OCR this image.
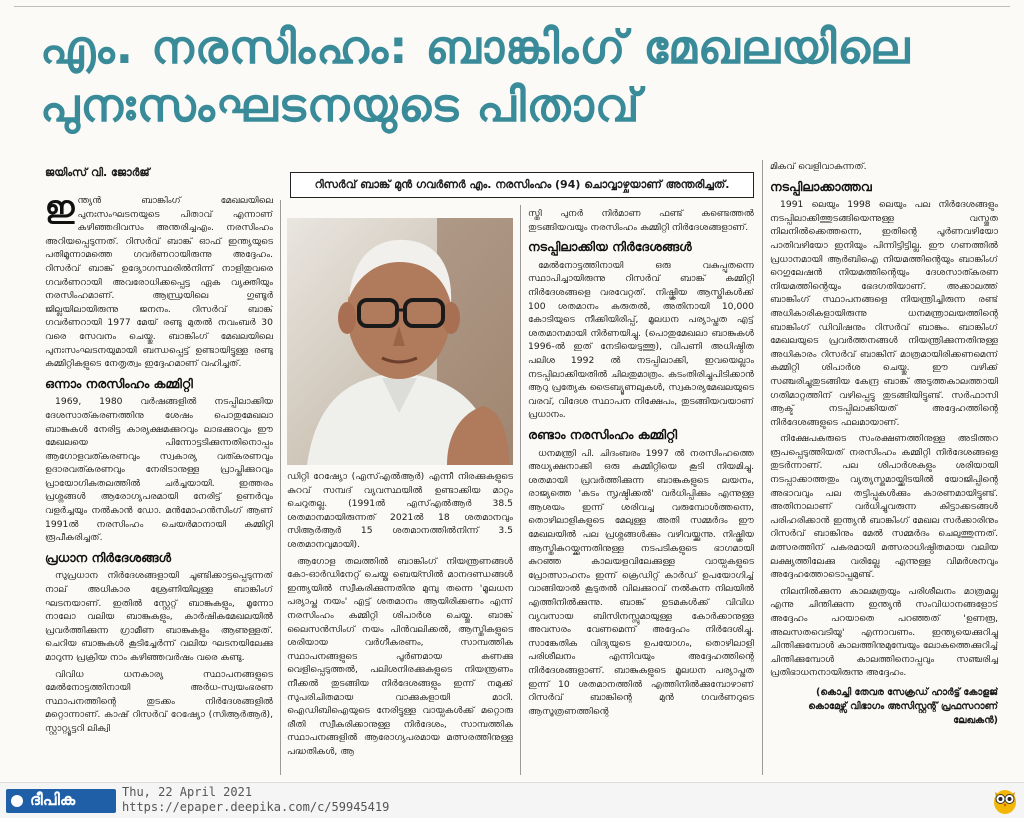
എം. നരസിംഹം: ബാങ്കിംഗ് മേഖലയിലെ
പുനഃസംഘടനയുടെ പിതാവ്
ജയിംസ് വി. ജോർജ്
റിസർവ് ബാങ്ക് മുൻ ഗവർണർ എം. നരസിംഹം (94) ചൊവ്വാഴ്ചയാണ് അന്തരിച്ചത്.

ഇന്ത്യൻ ബാങ്കിംഗ് മേഖലയിലെ പുനഃസംഘടനയുടെ പിതാവ് എന്നാണ് കഴിഞ്ഞദിവസം അന്തരിച്ചഎം. നരസിംഹം അറിയപ്പെടുന്നത്. റിസർവ് ബാങ്ക് ഓഫ് ഇന്ത്യയുടെ പതിമൂന്നാമത്തെ ഗവർണറായിരുന്നു അദ്ദേഹം. റിസർവ് ബാങ്ക് ഉദ്യോഗസ്ഥരിൽനിന്ന് നാളിതുവരെ ഗവർണറായി അവരോധിക്കപ്പെട്ട ഏക വ്യക്തിയും നരസിംഹമാണ്. ആന്ധ്രയിലെ ഗുണ്ടൂർ ജില്ലയിലായിരുന്നു ജനനം. റിസർവ് ബാങ്ക് ഗവർണറായി 1977 മേയ് രണ്ടു മുതൽ നവംബർ 30 വരെ സേവനം ചെയ്തു. ബാങ്കിംഗ് മേഖലയിലെ പുനഃസംഘടനയുമായി ബന്ധപ്പെട്ട് ഉണ്ടായിട്ടുള്ള രണ്ടു കമ്മിറ്റികളുടെ നേതൃത്വം ഇദ്ദേഹമാണ് വഹിച്ചത്.

ഒന്നാം നരസിംഹം കമ്മിറ്റി

1969, 1980 വർഷങ്ങളിൽ നടപ്പിലാക്കിയ ദേശസാത്കരണത്തിനു ശേഷം പൊതുമേഖലാ ബാങ്കുകൾ നേരിട്ട കാര്യക്ഷമക്കുറവും ലാഭക്കുറവും ഈ മേഖലയെ പിന്നോട്ടടിക്കുന്നതിനൊപ്പം ആഗോളവത്കരണവും സ്വകാര്യ വത്കരണവും ഉദാരവത്കരണവും നേരിടാനുള്ള പ്രാപ്തിക്കുറവും പ്രായോഗികതലത്തിൽ ചർച്ചയായി. ഇത്തരം പ്രശ്നങ്ങൾ ആരോഗ്യപരമായി നേരിട്ട് ഉണർവും വളർച്ചയും നൽകാൻ ഡോ. മൻമോഹൻസിംഗ് ആണ് 1991ൽ നരസിംഹം ചെയർമാനായി കമ്മിറ്റി രൂപീകരിച്ചത്.

പ്രധാന നിർദേശങ്ങൾ

സുപ്രധാന നിർദേശങ്ങളായി ചൂണ്ടിക്കാട്ടപ്പെടുന്നത് നാല് അധികാര ശ്രേണിയിലുള്ള ബാങ്കിംഗ് ഘടനയാണ്. ഇതിൽ സ്റ്റേറ്റ് ബാങ്കുകളും, മൂന്നോ നാലോ വലിയ ബാങ്കുകളും, കാർഷികമേഖലയിൽ പ്രവർത്തിക്കുന്ന ഗ്രാമീണ ബാങ്കുകളും ആണുള്ളത്. ചെറിയ ബാങ്കുകൾ കൂടിച്ചേർന്ന് വലിയ ഘടനയിലേക്കു മാറുന്ന പ്രക്രിയ നാം കഴിഞ്ഞവർഷം വരെ കണ്ടു.

വിവിധ ധനകാര്യ സ്ഥാപനങ്ങളുടെ മേൽനോട്ടത്തിനായി അർധ-സ്വയംഭരണ സ്ഥാപനത്തിന്റെ തുടക്കം നിർദേശങ്ങളിൽ മറ്റൊന്നാണ്. കാഷ് റിസർവ് റേഷ്യോ (സിആർആർ), സ്റ്റാറ്റ്യൂട്ടറി ലിക്വി

ഡിറ്റി റേഷ്യോ (എസ്എൽആർ) എന്നീ നിരക്കുകളുടെ കുറവ് സമ്പദ് വ്യവസ്ഥയിൽ ഉണ്ടാക്കിയ മാറ്റം ചെറുതല്ല. (1991ൽ എസ്എൽആർ 38.5 ശതമാനമായിരുന്നത് 2021ൽ 18 ശതമാനവും സിആർആർ 15 ശതമാനത്തിൽനിന്ന് 3.5 ശതമാനവുമായി).

ആഗോള തലത്തിൽ ബാങ്കിംഗ് നിയന്ത്രണങ്ങൾ കോ-ഓർഡിനേറ്റ് ചെയ്ത ബെയ്സിൽ മാനദണ്ഡങ്ങൾ ഇന്ത്യയിൽ സ്വീകരിക്കുന്നതിനു മുമ്പു തന്നെ 'മൂലധന പര്യാപ്ത നയം' എട്ട് ശതമാനം ആയിരിക്കണം എന്ന് നരസിംഹം കമ്മിറ്റി ശിപാർശ ചെയ്തു. ബാങ്ക് ലൈസൻസിംഗ് നയം പിൻവലിക്കൽ, ആസ്തികളുടെ ശരിയായ വർഗീകരണം, സാമ്പത്തിക സ്ഥാപനങ്ങളുടെ പൂർണമായ കണക്കു വെളിപ്പെടുത്തൽ, പലിശനിരക്കുകളുടെ നിയന്ത്രണം നീക്കൽ തുടങ്ങിയ നിർദേശങ്ങളും ഇന്ന് നമുക്ക് സുപരിചിതമായ വാക്കുകളായി മാറി. ഐഡിബിഐയുടെ നേരിട്ടുള്ള വായ്പകൾക്ക് മറ്റൊരു രീതി സ്വീകരിക്കാനുള്ള നിർദേശം, സാമ്പത്തിക സ്ഥാപനങ്ങളിൽ ആരോഗ്യപരമായ മത്സരത്തിനുള്ള പദ്ധതികൾ, ആ

സ്തി പുനർ നിർമാണ ഫണ്ട് കണ്ടെത്തൽ തുടങ്ങിയവയും നരസിംഹം കമ്മിറ്റി നിർദേശങ്ങളാണ്.

നടപ്പിലാക്കിയ നിർദേശങ്ങൾ

മേൽനോട്ടത്തിനായി ഒരു വകുപ്പുതന്നെ സ്ഥാപിച്ചായിരുന്നു റിസർവ് ബാങ്ക് കമ്മിറ്റി നിർദേശങ്ങളെ വരവേറ്റത്. നിഷ്ക്രിയ ആസ്തികൾക്ക് 100 ശതമാനം കരുതൽ, അതിനായി 10,000 കോടിയുടെ നീക്കിയിരിപ്പ്, മൂലധന പര്യാപ്തത എട്ട് ശതമാനമായി നിർണയിച്ചു. (പൊതുമേഖലാ ബാങ്കുകൾ 1996-ൽ ഇത് നേടിയെടുത്തു), വിപണി അധിഷ്ഠിത പലിശ 1992 ൽ നടപ്പിലാക്കി, ഇവയെല്ലാം നടപ്പിലാക്കിയതിൽ ചിലതുമാത്രം. കടംതിരിച്ചുപിടിക്കാൻ ആറു പ്രത്യേക ട്രൈബ്യൂണലുകൾ, സ്വകാര്യമേഖലയുടെ വരവ്, വിദേശ സ്ഥാപന നിക്ഷേപം, തുടങ്ങിയവയാണ് പ്രധാനം.

രണ്ടാം നരസിംഹം കമ്മിറ്റി

ധനമന്ത്രി പി. ചിദംബരം 1997 ൽ നരസിംഹത്തെ അധ്യക്ഷനാക്കി ഒരു കമ്മിറ്റിയെ കൂടി നിയമിച്ചു. ശതമായി പ്രവർത്തിക്കുന്ന ബാങ്കുകളുടെ ലയനം, രാജ്യത്തെ 'കടം സൃഷ്ടിക്കൽ' വർധിപ്പിക്കും എന്നുള്ള ആശയം ഇന്ന് ശരിവച്ച വരുമ്പോൾത്തന്നെ, തൊഴിലാളികളുടെ മേലുള്ള അതി സമ്മർദം ഈ മേഖലയിൽ പല പ്രശ്നങ്ങൾക്കും വഴിവയ്ക്കുന്നു. നിഷ്ക്രിയ ആസ്തികുറയ്ക്കുന്നതിനുള്ള നടപടികളുടെ ഭാഗമായി കുറഞ്ഞ കാലയളവിലേക്കുള്ള വായ്പകളുടെ പ്രോത്സാഹനം ഇന്ന് ക്രെഡിറ്റ് കാർഡ് ഉപയോഗിച്ച് വാങ്ങിയാൽ കൂടുതൽ വിലക്കുറവ് നൽകുന്ന നിലയിൽ എത്തിനിൽക്കുന്നു. ബാങ്ക് ഉടമകൾക്ക് വിവിധ വ്യവസായ ബിസിനസ്സുമായുള്ള കോർക്കാനുള്ള അവസരം വേണമെന്ന് അദ്ദേഹം നിർദേശിച്ചു. സാങ്കേതിക വിദ്യയുടെ ഉപയോഗം, തൊഴിലാളി പരിശീലനം എന്നിവയും അദ്ദേഹത്തിന്റെ നിർദേശങ്ങളാണ്. ബാങ്കുകളുടെ മൂലധന പര്യാപ്തത ഇന്ന് 10 ശതമാനത്തിൽ എത്തിനിൽക്കുമ്പോഴാണ് റിസർവ് ബാങ്കിന്റെ മുൻ ഗവർണറുടെ ആസൂത്രണത്തിന്റെ

മികവ് വെളിവാകുന്നത്.

നടപ്പിലാക്കാത്തവ

1991 ലെയും 1998 ലെയും പല നിർദേശങ്ങളും നടപ്പിലാക്കിത്തുടങ്ങിയെന്നുള്ള വസ്തുത നിലനിൽക്കെത്തന്നെ, ഇതിന്റെ പൂർണവഴിയോ പാതിവഴിയോ ഇനിയും പിന്നിട്ടിട്ടില്ല. ഈ ഗണത്തിൽ പ്രധാനമായി ആർബിഐ നിയമത്തിന്റെയും ബാങ്കിംഗ് റെഗുലേഷൻ നിയമത്തിന്റെയും ദേശസാത്കരണ നിയമത്തിന്റെയും ഭേദഗതിയാണ്. അക്കാലത്ത് ബാങ്കിംഗ് സ്ഥാപനങ്ങളെ നിയന്ത്രിച്ചിരുന്ന രണ്ട് അധികാരികളായിരുന്നു ധനമന്ത്രാലയത്തിന്റെ ബാങ്കിംഗ് ഡിവിഷനും റിസർവ് ബാങ്കും. ബാങ്കിംഗ് മേഖലയുടെ പ്രവർത്തനങ്ങൾ നിയന്ത്രിക്കുന്നതിനുള്ള അധികാരം റിസർവ് ബാങ്കിന് മാത്രമായിരിക്കണമെന്ന് കമ്മിറ്റി ശിപാർശ ചെയ്തു. ഈ വഴിക്ക് സഞ്ചരിച്ചുതുടങ്ങിയ കേന്ദ്ര ബാങ്ക് അടുത്തകാലത്തായി ഗതിമാറ്റത്തിന് വഴിപ്പെട്ടു തുടങ്ങിയിട്ടുണ്ട്. സർഫാസി ആക്ട് നടപ്പിലാക്കിയത് അദ്ദേഹത്തിന്റെ നിർദേശങ്ങളുടെ ഫലമായാണ്.

നിക്ഷേപകരുടെ സംരക്ഷണത്തിനുള്ള അടിത്തറ രൂപപ്പെടുത്തിയത് നരസിംഹം കമ്മിറ്റി നിർദേശങ്ങളെ തുടർന്നാണ്. പല ശിപാർശകളും ശരിയായി നടപ്പാക്കാത്തതും വ്യത്യസ്തമായ്ക്കിടയിൽ യോജിപ്പിന്റെ അഭാവവും പല തട്ടിപ്പുകൾക്കും കാരണമായിട്ടുണ്ട്. അതിനാലാണ് വർധിച്ചുവരുന്ന കിട്ടാക്കടങ്ങൾ പരിഹരിക്കാൻ ഇന്ത്യൻ ബാങ്കിംഗ് മേഖല സർക്കാരിനും റിസർവ് ബാങ്കിനും മേൽ സമ്മർദം ചെലുത്തുന്നത്. മത്സരത്തിന് പകരമായി മത്സരാധിഷ്ഠിതമായ വലിയ ലക്ഷ്യത്തിലേക്കു വരില്ലേ എന്നുള്ള വിമർശനവും അദ്ദേഹത്തോടൊപ്പമുണ്ട്.

നിലനിൽക്കുന്ന കാലമത്രയും പരിശീലനം മാത്രമല്ല എന്നു ചിന്തിക്കുന്ന ഇന്ത്യൻ സംവിധാനങ്ങളോട് അദ്ദേഹം പറയാതെ പറഞ്ഞത് 'ഉണരൂ, അലസതവെടിയൂ' എന്നാവണം. ഇന്ത്യയെക്കുറിച്ചു ചിന്തിക്കുമ്പോൾ കാലത്തിനുമുമ്പേയും ലോകത്തെക്കുറിച്ച് ചിന്തിക്കുമ്പോൾ കാലത്തിനൊപ്പവും സഞ്ചരിച്ച പ്രതിഭാധനനായിരുന്നു അദ്ദേഹം.

(കൊച്ചി തേവര സേക്രഡ് ഹാർട്ട് കോളജ്
കൊമേഴ്സ് വിഭാഗം അസിസ്റ്റന്റ് പ്രഫസറാണ്
ലേഖകൻ)
ദീപിക	Thu, 22 April 2021
https://epaper.deepika.com/c/59945419
